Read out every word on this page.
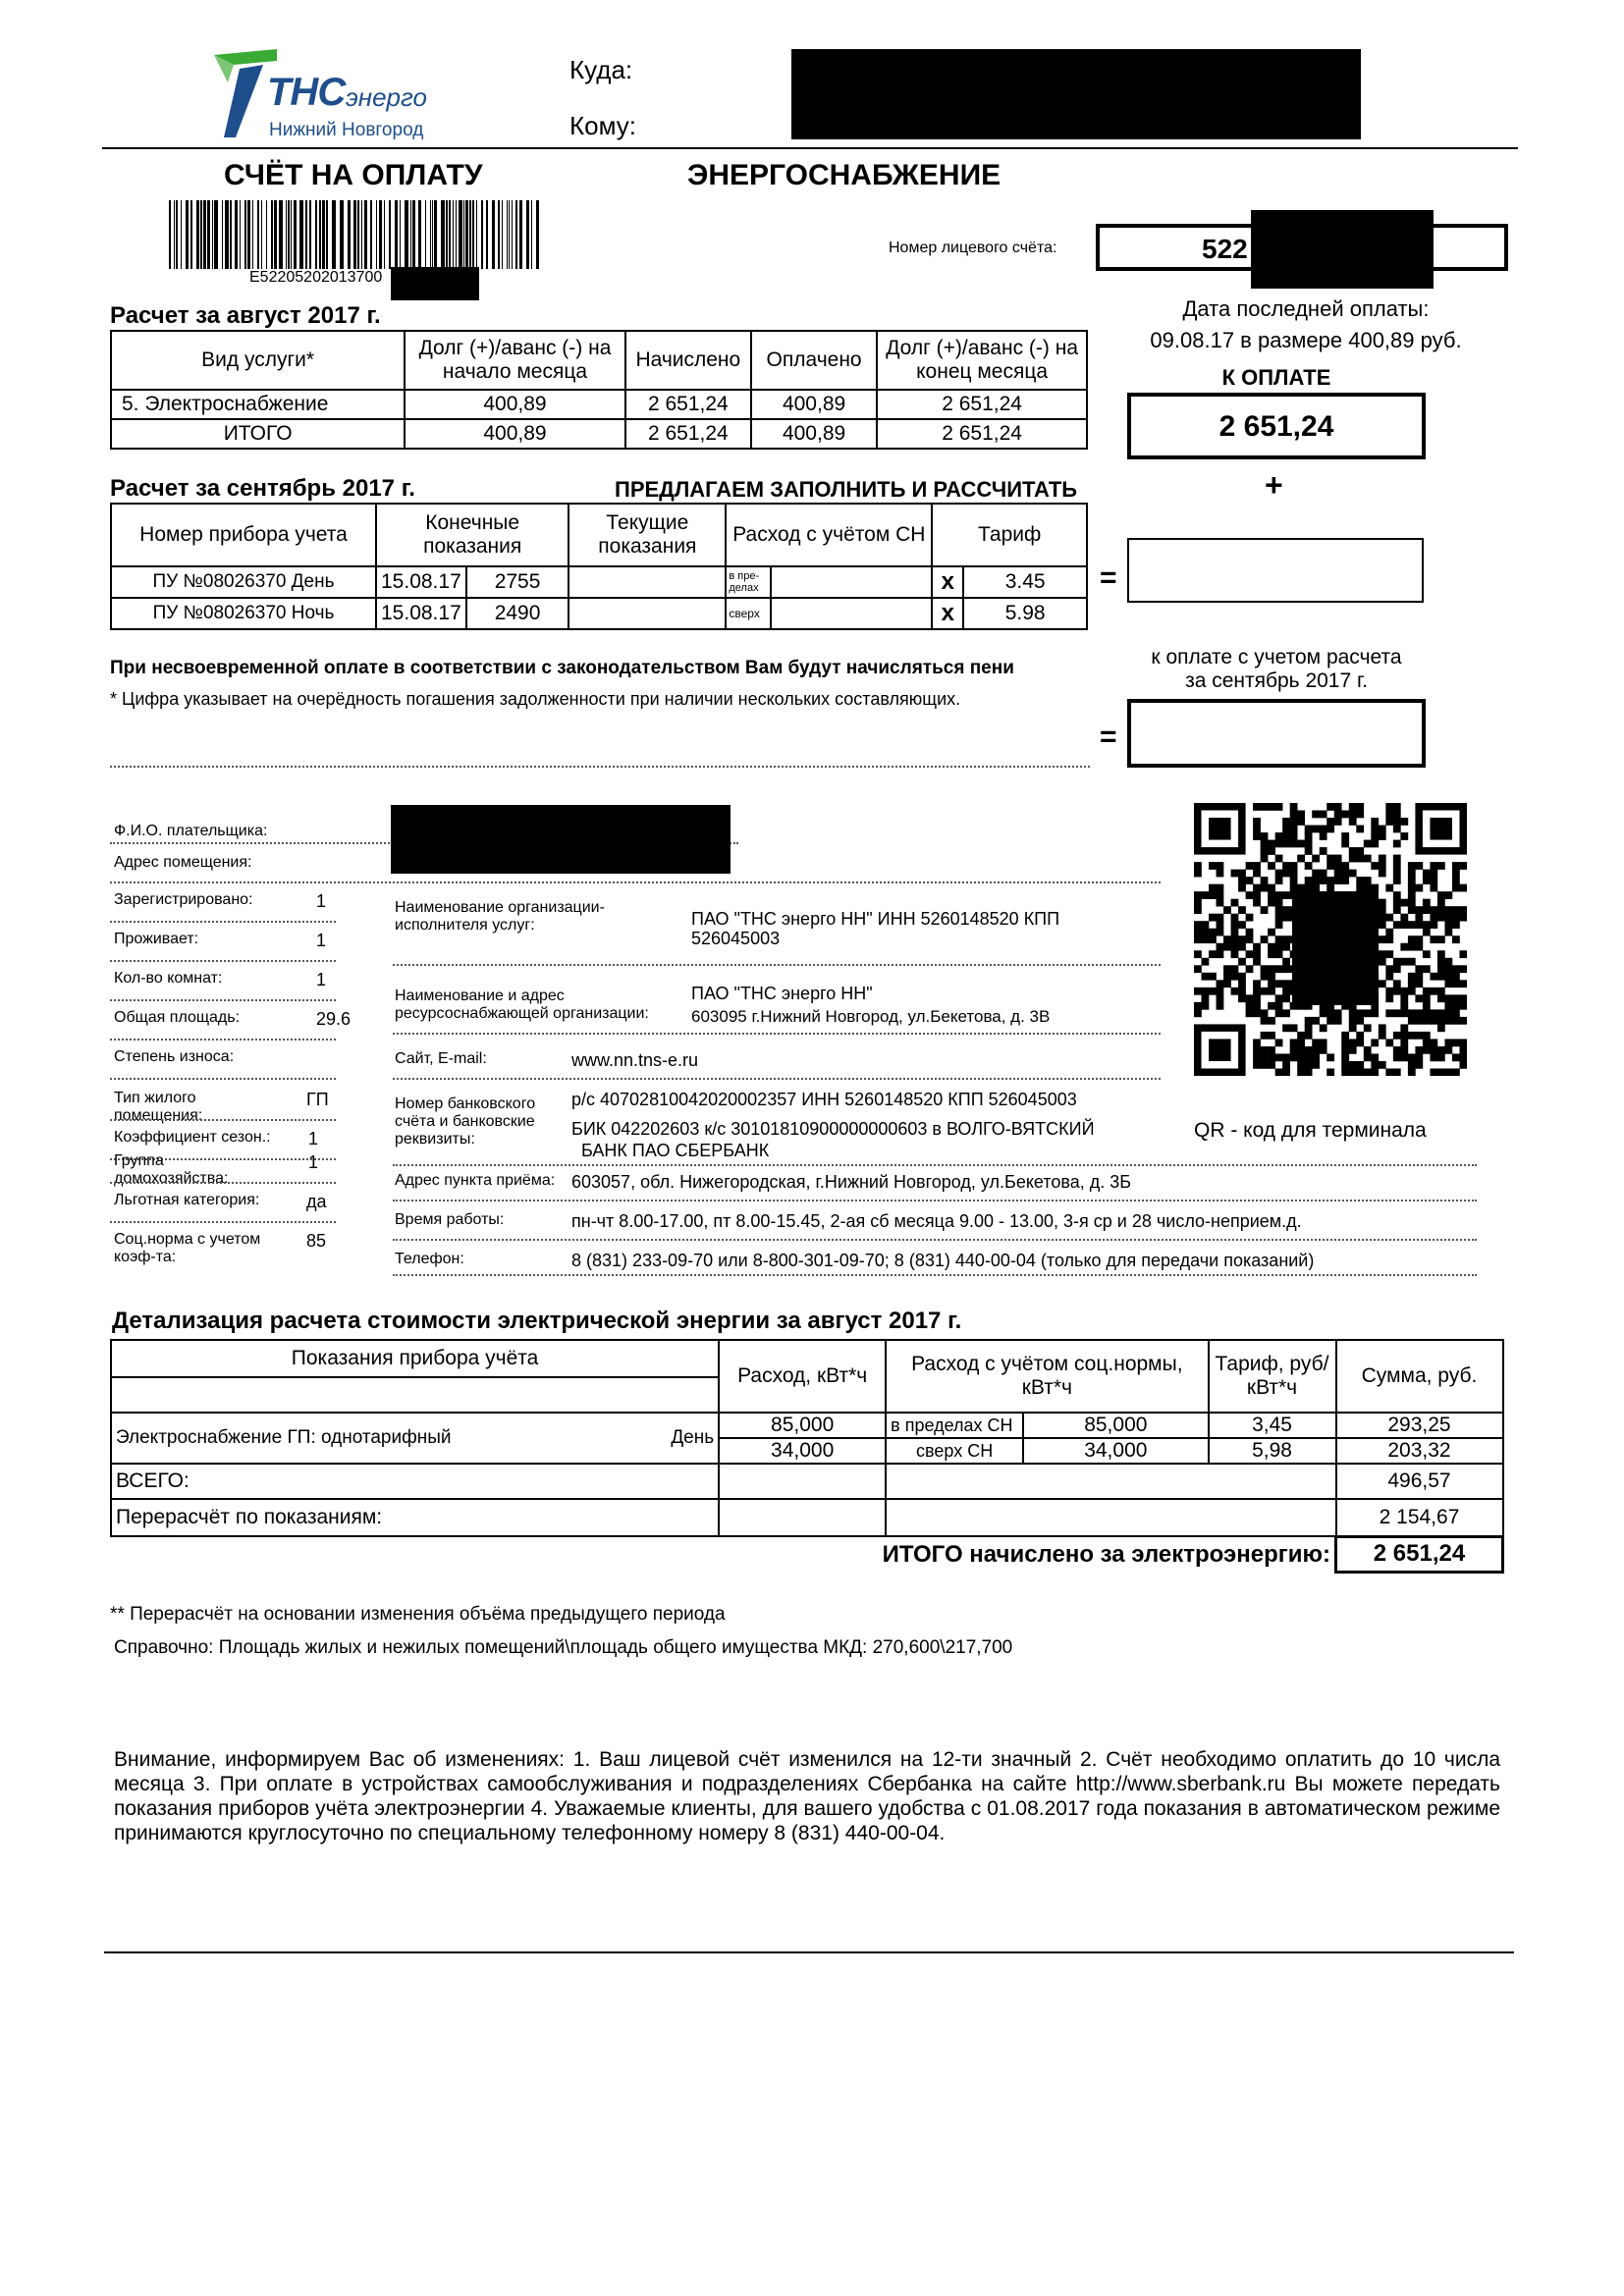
ТНС энерго
Нижний Новгород
Куда:
Кому:
СЧЁТ НА ОПЛАТУ	ЭНЕРГОСНАБЖЕНИЕ
E52205202013700
Номер лицевого счёта:	522
Дата последней оплаты:
09.08.17 в размере 400,89 руб.
К ОПЛАТЕ
2 651,24
+
Расчет за август 2017 г.
Вид услуги*	Долг (+)/аванс (-) на начало месяца	Начислено	Оплачено	Долг (+)/аванс (-) на конец месяца
5. Электроснабжение	400,89	2 651,24	400,89	2 651,24
ИТОГО	400,89	2 651,24	400,89	2 651,24
Расчет за сентябрь 2017 г.	ПРЕДЛАГАЕМ ЗАПОЛНИТЬ И РАССЧИТАТЬ
Номер прибора учета	Конечные показания		Текущие показания	Расход с учётом СН		Тариф	
ПУ №08026370 День	15.08.17	2755		в пре-делах		x	3.45
ПУ №08026370 Ночь	15.08.17	2490		сверх		x	5.98
=
При несвоевременной оплате в соответствии с законодательством Вам будут начисляться пени
* Цифра указывает на очерёдность погашения задолженности при наличии нескольких составляющих.
к оплате с учетом расчета
за сентябрь 2017 г.
=
Ф.И.О. плательщика:
Адрес помещения:
Зарегистрировано:	1
Проживает:	1
Кол-во комнат:	1
Общая площадь:	29.6
Степень износа:
Тип жилого помещения:
ГП
Коэффициент сезон.: 1
Группа домохозяйства:
1
Льготная категория:	да
Соц.норма с учетом коэф-та:
85
Наименование организации-исполнителя услуг:	ПАО "ТНС энерго НН" ИНН 5260148520 КПП 526045003
Наименование и адрес ресурсоснабжающей организации:
ПАО "ТНС энерго НН"
603095 г.Нижний Новгород, ул.Бекетова, д. 3В
Сайт, E-mail:	www.nn.tns-e.ru
Номер банковского счёта и банковские реквизиты:
р/с 40702810042020002357 ИНН 5260148520 КПП 526045003
БИК 042202603 к/с 30101810900000000603 в ВОЛГО-ВЯТСКИЙ
БАНК ПАО СБЕРБАНК
QR - код для терминала
Адрес пункта приёма: 603057, обл. Нижегородская, г.Нижний Новгород, ул.Бекетова, д. 3Б
Время работы:	пн-чт 8.00-17.00, пт 8.00-15.45, 2-ая сб месяца 9.00 - 13.00, 3-я ср и 28 число-неприем.д.
Телефон:	8 (831) 233-09-70 или 8-800-301-09-70; 8 (831) 440-00-04 (только для передачи показаний)
Детализация расчета стоимости электрической энергии за август 2017 г.
Показания прибора учёта		Расход, кВт*ч	Расход с учётом соц.нормы, кВт*ч		Тариф, руб/кВт*ч	Сумма, руб.

Электроснабжение ГП: однотарифный	День	85,000	в пределах СН	85,000	3,45	293,25
		34,000	сверх СН	34,000	5,98	203,32
ВСЕГО:						496,57
Перерасчёт по показаниям:						2 154,67
ИТОГО начислено за электроэнергию:						2 651,24
** Перерасчёт на основании изменения объёма предыдущего периода
Справочно: Площадь жилых и нежилых помещений\площадь общего имущества МКД: 270,600\217,700
Внимание, информируем Вас об изменениях: 1. Ваш лицевой счёт изменился на 12-ти значный 2. Счёт необходимо оплатить до 10 числа месяца 3. При оплате в устройствах самообслуживания и подразделениях Сбербанка на сайте http://www.sberbank.ru Вы можете передать показания приборов учёта электроэнергии 4. Уважаемые клиенты, для вашего удобства с 01.08.2017 года показания в автоматическом режиме принимаются круглосуточно по специальному телефонному номеру 8 (831) 440-00-04.
